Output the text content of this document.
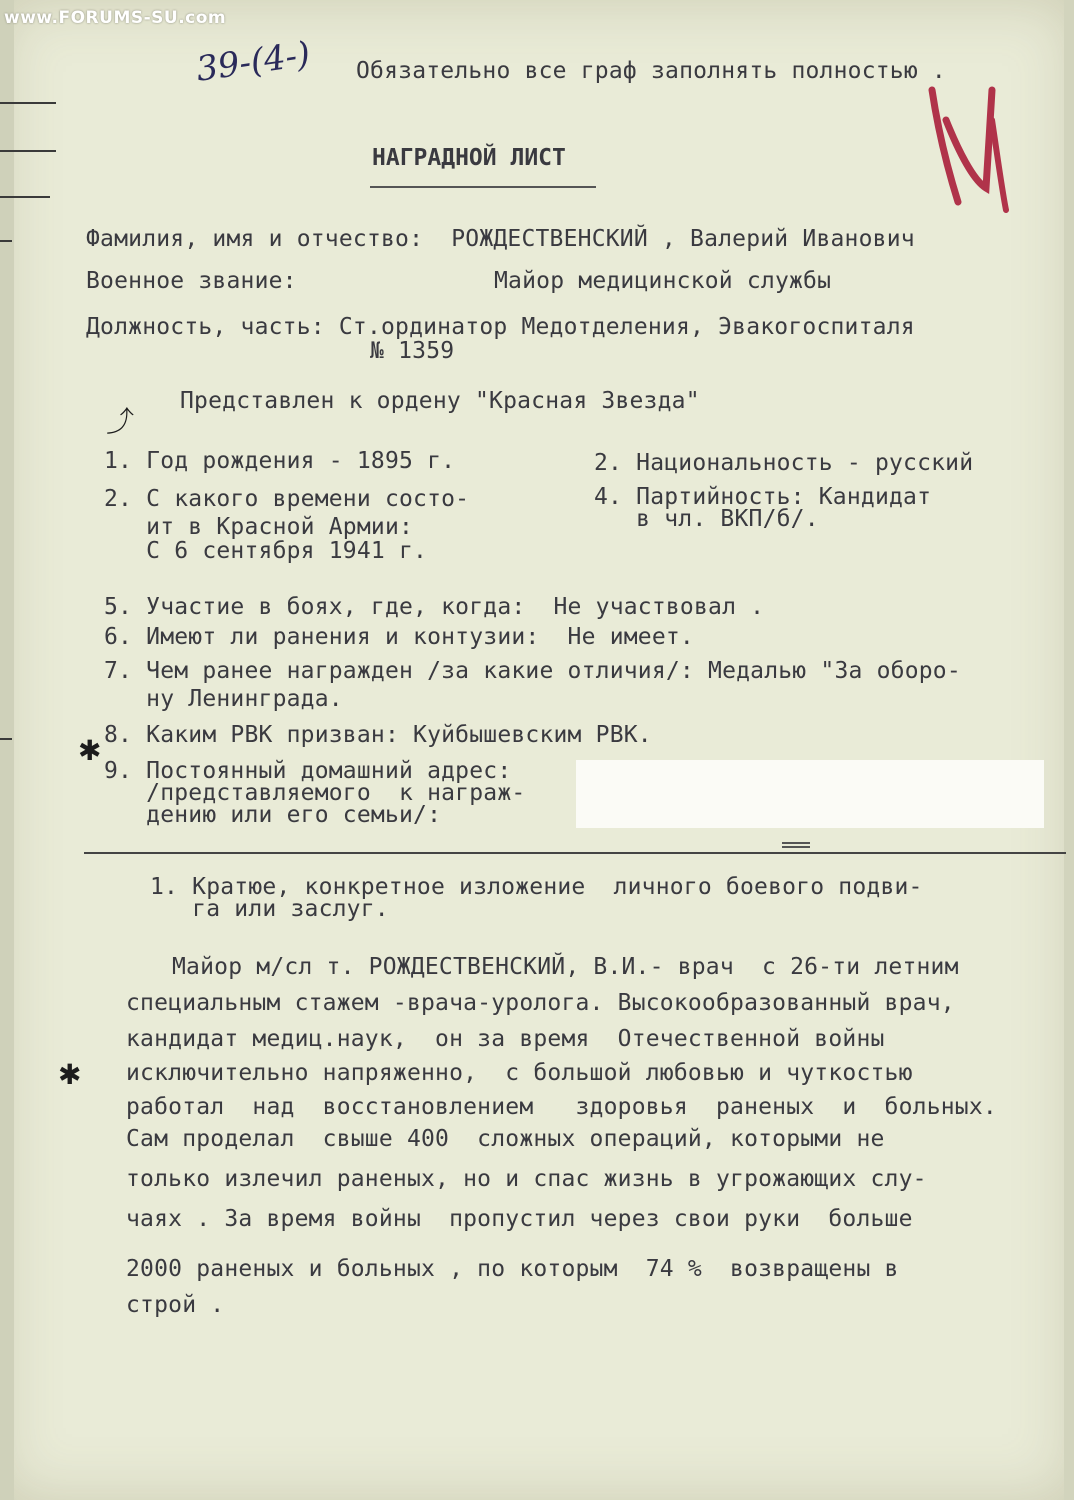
www.FORUMS-SU.com
39-(4-) Обязательно все граф заполнять полностью .
НАГРАДНОЙ ЛИСТ
Фамилия, имя и отчество:  РОЖДЕСТВЕНСКИЙ , Валерий Иванович
Военное звание:	Майор медицинской службы
Должность, часть: Ст.ординатор Медотделения, Эвакогоспиталя
№ 1359
⤴
Представлен к ордену "Красная Звезда"
1. Год рождения - 1895 г.	2. Национальность - русский
2. С какого времени состо-
ит в Красной Армии:
С 6 сентября 1941 г.
4. Партийность: Кандидат
в чл. ВКП/б/.
5. Участие в боях, где, когда:  Не участвовал .
6. Имеют ли ранения и контузии:  Не имеет.
7. Чем ранее награжден /за какие отличия/: Медалью "За оборо-
ну Ленинграда.
✱ 8. Каким РВК призван: Куйбышевским РВК.
9. Постоянный домашний адрес:
/представляемого  к награж-
дению или его семьи/:
1. Кратюе, конкретное изложение  личного боевого подви-
га или заслуг.
Майор м/сл т. РОЖДЕСТВЕНСКИЙ, В.И.- врач  с 26-ти летним
специальным стажем -врача-уролога. Высокообразованный врач,
кандидат медиц.наук,  он за время  Отечественной войны
✱ исключительно напряженно,  с большой любовью и чуткостью
работал  над  восстановлением   здоровья  раненых  и  больных.
Сам проделал  свыше 400  сложных операций, которыми не
только излечил раненых, но и спас жизнь в угрожающих слу-
чаях . За время войны  пропустил через свои руки  больше
2000 раненых и больных , по которым  74 %  возвращены в
строй .
